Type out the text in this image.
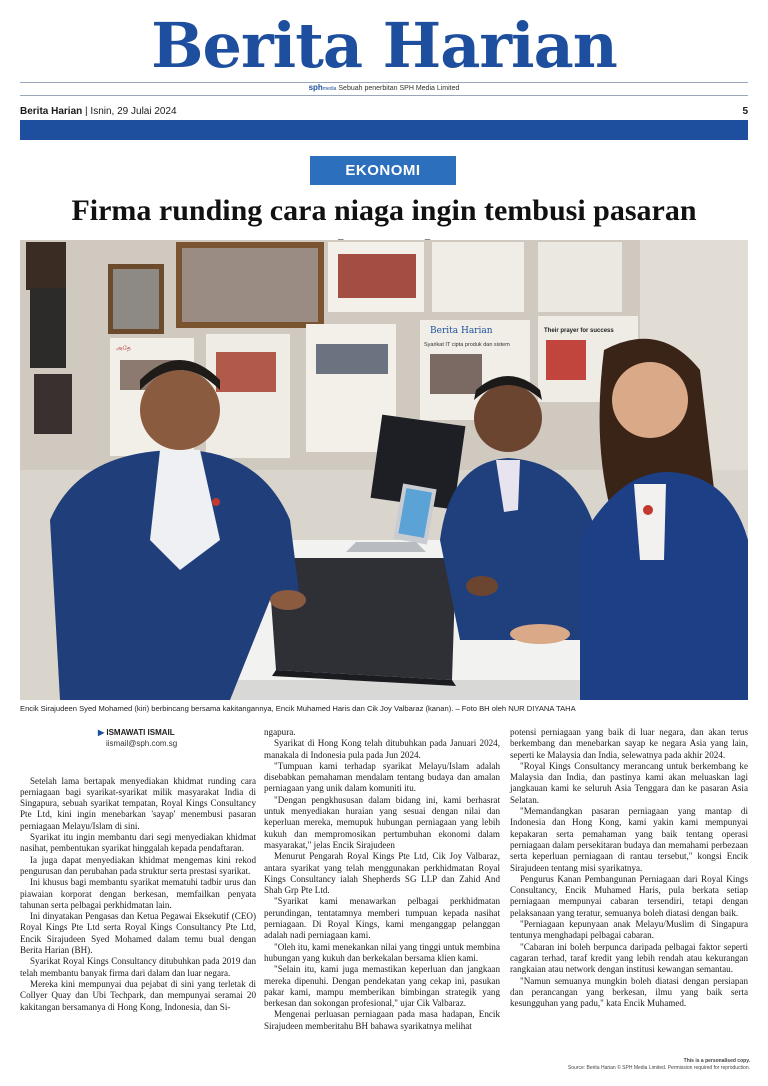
Berita Harian
sphmedia Sebuah penerbitan SPH Media Limited
Berita Harian | Isnin, 29 Julai 2024	5
EKONOMI
Firma runding cara niaga ingin tembusi pasaran
Berita Harian
Syarikat IT cipta produk dan sistem
Their prayer for success
அதே
Encik Sirajudeen Syed Mohamed (kiri) berbincang bersama kakitangannya, Encik Muhamed Haris dan Cik Joy Valbaraz (kanan). – Foto BH oleh NUR DIYANA TAHA
▶ ISMAWATI ISMAIL
iismail@sph.com.sg

Setelah lama bertapak menyediakan khidmat runding cara perniagaan bagi syarikat-syarikat milik masyarakat India di Singapura, sebuah syarikat tempatan, Royal Kings Consultancy Pte Ltd, kini ingin menebarkan 'sayap' menembusi pasaran perniagaan Melayu/Islam di sini.

Syarikat itu ingin membantu dari segi menyediakan khidmat nasihat, pembentukan syarikat hinggalah kepada pendaftaran.

Ia juga dapat menyediakan khidmat mengemas kini rekod pengurusan dan perubahan pada struktur serta prestasi syarikat.

Ini khusus bagi membantu syarikat mematuhi tadbir urus dan piawaian korporat dengan berkesan, memfailkan penyata tahunan serta pelbagai perkhidmatan lain.

Ini dinyatakan Pengasas dan Ketua Pegawai Eksekutif (CEO) Royal Kings Pte Ltd serta Royal Kings Consultancy Pte Ltd, Encik Sirajudeen Syed Mohamed dalam temu bual dengan Berita Harian (BH).

Syarikat Royal Kings Consultancy ditubuhkan pada 2019 dan telah membantu banyak firma dari dalam dan luar negara.

Mereka kini mempunyai dua pejabat di sini yang terletak di Collyer Quay dan Ubi Techpark, dan mempunyai seramai 20 kakitangan bersamanya di Hong Kong, Indonesia, dan Si-

ngapura.

Syarikat di Hong Kong telah ditubuhkan pada Januari 2024, manakala di Indonesia pula pada Jun 2024.

"Tumpuan kami terhadap syarikat Melayu/Islam adalah disebabkan pemahaman mendalam tentang budaya dan amalan perniagaan yang unik dalam komuniti itu.

"Dengan pengkhususan dalam bidang ini, kami berhasrat untuk menyediakan huraian yang sesuai dengan nilai dan keperluan mereka, memupuk hubungan perniagaan yang lebih kukuh dan mempromosikan pertumbuhan ekonomi dalam masyarakat," jelas Encik Sirajudeen

Menurut Pengarah Royal Kings Pte Ltd, Cik Joy Valbaraz, antara syarikat yang telah menggunakan perkhidmatan Royal Kings Consultancy ialah Shepherds SG LLP dan Zahid And Shah Grp Pte Ltd.

"Syarikat kami menawarkan pelbagai perkhidmatan perundingan, tentatamnya memberi tumpuan kepada nasihat perniagaan. Di Royal Kings, kami menganggap pelanggan adalah nadi perniagaan kami.

"Oleh itu, kami menekankan nilai yang tinggi untuk membina hubungan yang kukuh dan berkekalan bersama klien kami.

"Selain itu, kami juga memastikan keperluan dan jangkaan mereka dipenuhi. Dengan pendekatan yang cekap ini, pasukan pakar kami, mampu memberikan bimbingan strategik yang berkesan dan sokongan profesional," ujar Cik Valbaraz.

Mengenai perluasan perniagaan pada masa hadapan, Encik Sirajudeen memberitahu BH bahawa syarikatnya melihat

potensi perniagaan yang baik di luar negara, dan akan terus berkembang dan menebarkan sayap ke negara Asia yang lain, seperti ke Malaysia dan India, selewatnya pada akhir 2024.

"Royal Kings Consultancy merancang untuk berkembang ke Malaysia dan India, dan pastinya kami akan meluaskan lagi jangkauan kami ke seluruh Asia Tenggara dan ke pasaran Asia Selatan.

"Memandangkan pasaran perniagaan yang mantap di Indonesia dan Hong Kong, kami yakin kami mempunyai kepakaran serta pemahaman yang baik tentang operasi perniagaan dalam persekitaran budaya dan memahami perbezaan serta keperluan perniagaan di rantau tersebut," kongsi Encik Sirajudeen tentang misi syarikatnya.

Pengurus Kanan Pembangunan Perniagaan dari Royal Kings Consultancy, Encik Muhamed Haris, pula berkata setiap perniagaan mempunyai cabaran tersendiri, tetapi dengan pelaksanaan yang teratur, semuanya boleh diatasi dengan baik.

"Perniagaan kepunyaan anak Melayu/Muslim di Singapura tentunya menghadapi pelbagai cabaran.

"Cabaran ini boleh berpunca daripada pelbagai faktor seperti cagaran terhad, taraf kredit yang lebih rendah atau kekurangan rangkaian atau network dengan institusi kewangan semantau.

"Namun semuanya mungkin boleh diatasi dengan persiapan dan perancangan yang berkesan, ilmu yang baik serta kesungguhan yang padu," kata Encik Muhamed.

This is a personalised copy.
Source: Berita Harian © SPH Media Limited. Permission required for reproduction.
